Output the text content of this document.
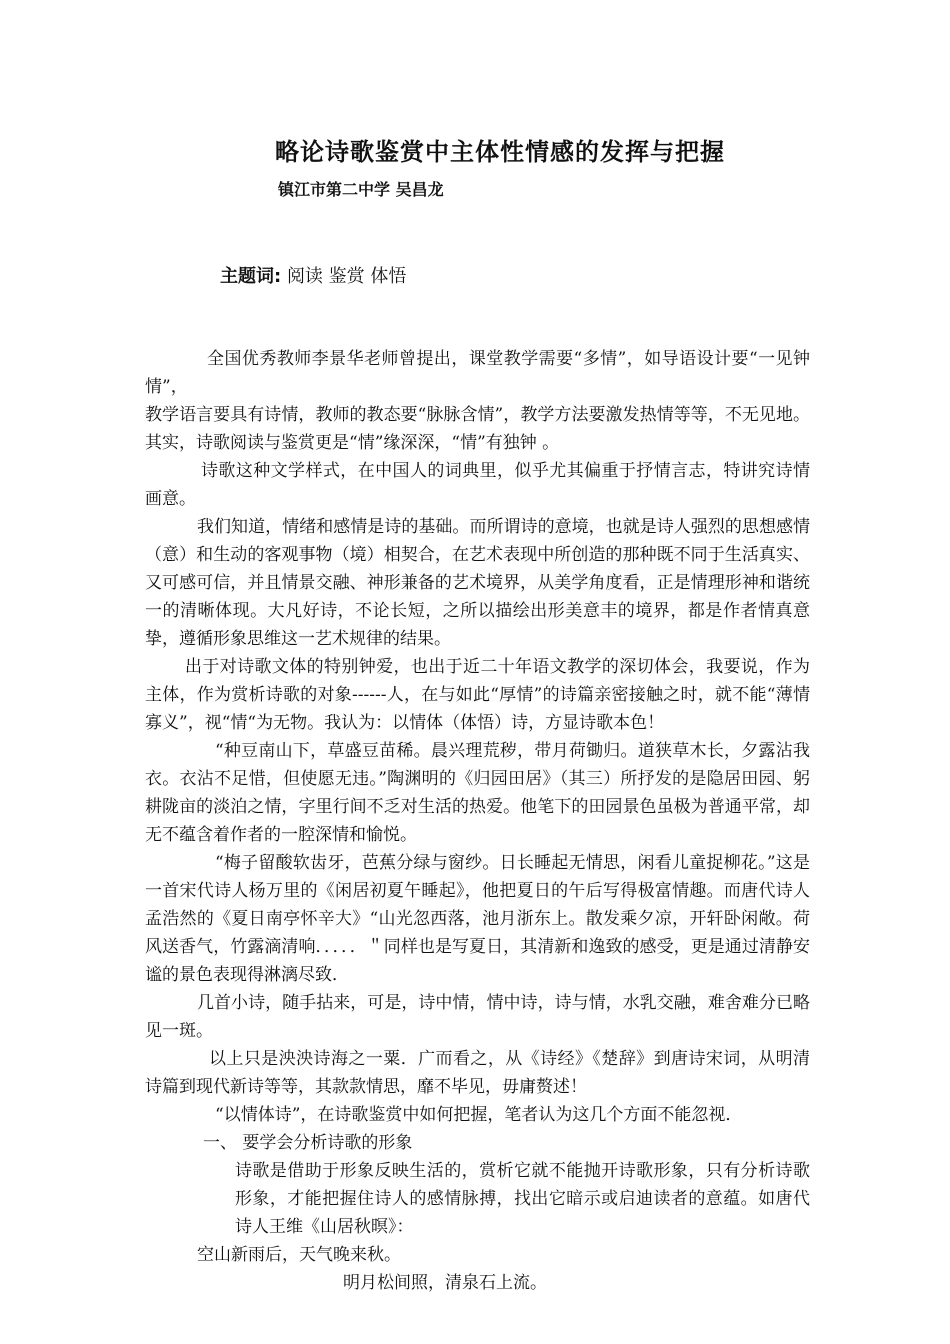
略论诗歌鉴赏中主体性情感的发挥与把握
镇江市第二中学 吴昌龙
主题词: 阅读 鉴赏 体悟

全国优秀教师李景华老师曾提出，课堂教学需要“多情”，如导语设计要“一见钟情”，

教学语言要具有诗情，教师的教态要“脉脉含情”，教学方法要激发热情等等，不无见地。其实，诗歌阅读与鉴赏更是“情”缘深深，“情”有独钟 。

诗歌这种文学样式，在中国人的词典里，似乎尤其偏重于抒情言志，特讲究诗情画意。

我们知道，情绪和感情是诗的基础。而所谓诗的意境，也就是诗人强烈的思想感情（意）和生动的客观事物（境）相契合，在艺术表现中所创造的那种既不同于生活真实、又可感可信，并且情景交融、神形兼备的艺术境界，从美学角度看，正是情理形神和谐统一的清晰体现。大凡好诗，不论长短，之所以描绘出形美意丰的境界，都是作者情真意挚，遵循形象思维这一艺术规律的结果。

出于对诗歌文体的特别钟爱，也出于近二十年语文教学的深切体会，我要说，作为主体，作为赏析诗歌的对象------人，在与如此“厚情”的诗篇亲密接触之时，就不能“薄情寡义”，视“情“为无物。我认为：以情体（体悟）诗，方显诗歌本色！

“种豆南山下，草盛豆苗稀。晨兴理荒秽，带月荷锄归。道狭草木长，夕露沾我衣。衣沾不足惜，但使愿无违。”陶渊明的《归园田居》（其三）所抒发的是隐居田园、躬耕陇亩的淡泊之情，字里行间不乏对生活的热爱。他笔下的田园景色虽极为普通平常，却无不蕴含着作者的一腔深情和愉悦。

“梅子留酸软齿牙，芭蕉分绿与窗纱。日长睡起无情思，闲看儿童捉柳花。”这是一首宋代诗人杨万里的《闲居初夏午睡起》，他把夏日的午后写得极富情趣。而唐代诗人孟浩然的《夏日南亭怀辛大》“山光忽西落，池月浙东上。散发乘夕凉，开轩卧闲敞。荷风送香气，竹露滴清响．．．．．＂同样也是写夏日，其清新和逸致的感受，更是通过清静安谧的景色表现得淋漓尽致．

几首小诗，随手拈来，可是，诗中情，情中诗，诗与情，水乳交融，难舍难分已略见一斑。

以上只是泱泱诗海之一粟．广而看之，从《诗经》《楚辞》到唐诗宋词，从明清诗篇到现代新诗等等，其款款情思，靡不毕见，毋庸赘述！

“以情体诗”，在诗歌鉴赏中如何把握，笔者认为这几个方面不能忽视．

一、 要学会分析诗歌的形象

诗歌是借助于形象反映生活的，赏析它就不能抛开诗歌形象，只有分析诗歌形象，才能把握住诗人的感情脉搏，找出它暗示或启迪读者的意蕴。如唐代诗人王维《山居秋暝》：

空山新雨后，天气晚来秋。

明月松间照，清泉石上流。
